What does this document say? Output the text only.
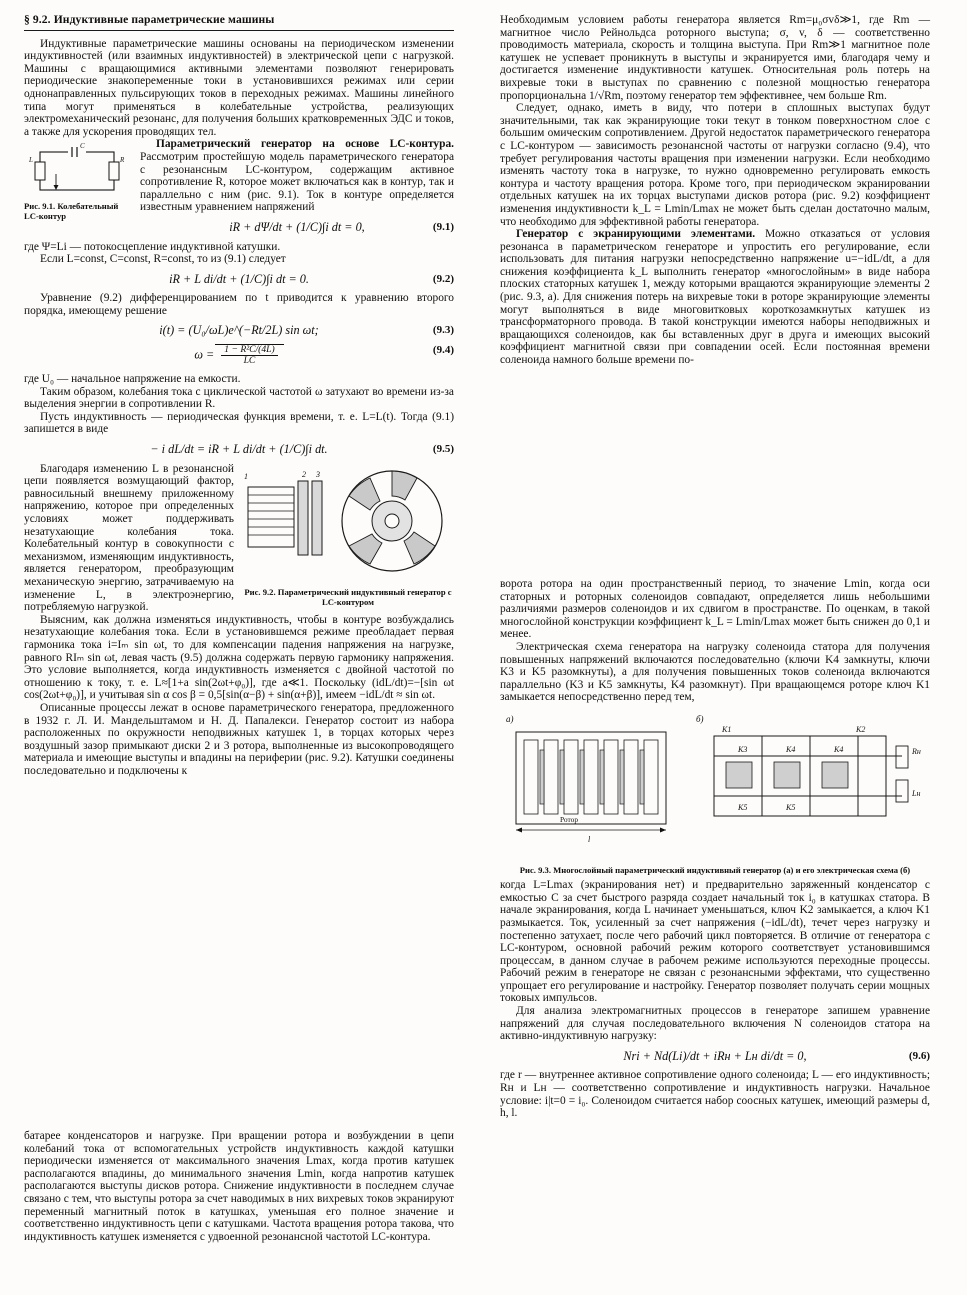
§ 9.2. Индуктивные параметрические машины

Индуктивные параметрические машины основаны на периодическом изменении индуктивностей (или взаимных индуктивностей) в электрической цепи с нагрузкой. Машины с вращающимися активными элементами позволяют генерировать периодические знакопеременные токи в установившихся режимах или серии однонаправленных пульсирующих токов в переходных режимах. Машины линейного типа могут применяться в колебательные устройства, реализующих электромеханический резонанс, для получения больших кратковременных ЭДС и токов, а также для ускорения проводящих тел.

C
L	R
Рис. 9.1. Колебательный LC-контур

Параметрический генератор на основе LC-контура. Рассмотрим простейшую модель параметрического генератора с резонансным LC-контуром, содержащим активное сопротивление R, которое может включаться как в контур, так и параллельно с ним (рис. 9.1). Ток в контуре определяется известным уравнением напряжений

iR + dΨ/dt + (1/C)∫i dt = 0,	(9.1)

где Ψ=Li — потокосцепление индуктивной катушки.

Если L=const, C=const, R=const, то из (9.1) следует

iR + L di/dt + (1/C)∫i dt = 0.	(9.2)

Уравнение (9.2) дифференцированием по t приводится к уравнению второго порядка, имеющему решение

i(t) = (U₀/ωL)e^(−Rt/2L) sin ωt;	(9.3)
$\omega = \frac{\text{1 − R²C/(4L)}}{LC}$	(9.4)

где U₀ — начальное напряжение на емкости.

Таким образом, колебания тока с циклической частотой ω затухают во времени из-за выделения энергии в сопротивлении R.

Пусть индуктивность — периодическая функция времени, т. е. L=L(t). Тогда (9.1) запишется в виде

− i dL/dt = iR + L di/dt + (1/C)∫i dt.	(9.5)
1	2 3
Рис. 9.2. Параметрический индуктивный генератор с LC-контуром

Благодаря изменению L в резонансной цепи появляется возмущающий фактор, равносильный внешнему приложенному напряжению, которое при определенных условиях может поддерживать незатухающие колебания тока. Колебательный контур в совокупности с механизмом, изменяющим индуктивность, является генератором, преобразующим механическую энергию, затрачиваемую на изменение L, в электроэнергию, потребляемую нагрузкой.

Выясним, как должна изменяться индуктивность, чтобы в контуре возбуждались незатухающие колебания тока. Если в установившемся режиме преобладает первая гармоника тока i=Iₘ sin ωt, то для компенсации падения напряжения на нагрузке, равного RIₘ sin ωt, левая часть (9.5) должна содержать первую гармонику напряжения. Это условие выполняется, когда индуктивность изменяется с двойной частотой по отношению к току, т. е. L≈[1+a sin(2ωt+φ₀)], где a≪1. Поскольку (idL/dt)=−[sin ωt cos(2ωt+φ₀)], и учитывая sin α cos β = 0,5[sin(α−β) + sin(α+β)], имеем −idL/dt ≈ sin ωt.

Описанные процессы лежат в основе параметрического генератора, предложенного в 1932 г. Л. И. Мандельштамом и Н. Д. Папалекси. Генератор состоит из набора расположенных по окружности неподвижных катушек 1, в торцах которых через воздушный зазор примыкают диски 2 и 3 ротора, выполненные из высокопроводящего материала и имеющие выступы и впадины на периферии (рис. 9.2). Катушки соединены последовательно и подключены к

Необходимым условием работы генератора является Rm=μ₀σvδ≫1, где Rm — магнитное число Рейнольдса роторного выступа; σ, v, δ — соответственно проводимость материала, скорость и толщина выступа. При Rm≫1 магнитное поле катушек не успевает проникнуть в выступы и экранируется ими, благодаря чему и достигается изменение индуктивности катушек. Относительная роль потерь на вихревые токи в выступах по сравнению с полезной мощностью генератора пропорциональна 1/√Rm, поэтому генератор тем эффективнее, чем больше Rm.

Следует, однако, иметь в виду, что потери в сплошных выступах будут значительными, так как экранирующие токи текут в тонком поверхностном слое с большим омическим сопротивлением. Другой недостаток параметрического генератора с LC-контуром — зависимость резонансной частоты от нагрузки согласно (9.4), что требует регулирования частоты вращения при изменении нагрузки. Если необходимо изменять частоту тока в нагрузке, то нужно одновременно регулировать емкость контура и частоту вращения ротора. Кроме того, при периодическом экранировании отдельных катушек на их торцах выступами дисков ротора (рис. 9.2) коэффициент изменения индуктивности k_L = Lmin/Lmax не может быть сделан достаточно малым, что необходимо для эффективной работы генератора.

Генератор с экранирующими элементами. Можно отказаться от условия резонанса в параметрическом генераторе и упростить его регулирование, если использовать для питания нагрузки непосредственно напряжение u=−idL/dt, а для снижения коэффициента k_L выполнить генератор «многослойным» в виде набора плоских статорных катушек 1, между которыми вращаются экранирующие элементы 2 (рис. 9.3, а). Для снижения потерь на вихревые токи в роторе экранирующие элементы могут выполняться в виде многовитковых короткозамкнутых катушек из трансформаторного провода. В такой конструкции имеются наборы неподвижных и вращающихся соленоидов, как бы вставленных друг в друга и имеющих высокий коэффициент магнитной связи при совпадении осей. Если постоянная времени соленоида намного больше времени по-

ворота ротора на один пространственный период, то значение Lmin, когда оси статорных и роторных соленоидов совпадают, определяется лишь небольшими различиями размеров соленоидов и их сдвигом в пространстве. По оценкам, в такой многослойной конструкции коэффициент k_L = Lmin/Lmax может быть снижен до 0,1 и менее.

Электрическая схема генератора на нагрузку соленоида статора для получения повышенных напряжений включаются последовательно (ключи K4 замкнуты, ключи K3 и K5 разомкнуты), а для получения повышенных токов соленоида включаются параллельно (K3 и K5 замкнуты, K4 разомкнут). При вращающемся роторе ключ K1 замыкается непосредственно перед тем,

а)
l
Ротор
б)
Rн
Lн
К1	К2
К3	К4	К4
К5	К5
Рис. 9.3. Многослойный параметрический индуктивный генератор (а) и его электрическая схема (б)

когда L=Lmax (экранирования нет) и предварительно заряженный конденсатор с емкостью C за счет быстрого разряда создает начальный ток i₀ в катушках статора. В начале экранирования, когда L начинает уменьшаться, ключ K2 замыкается, а ключ K1 размыкается. Ток, усиленный за счет напряжения (−idL/dt), течет через нагрузку и постепенно затухает, после чего рабочий цикл повторяется. В отличие от генератора с LC-контуром, основной рабочий режим которого соответствует установившимся процессам, в данном случае в рабочем режиме используются переходные процессы. Рабочий режим в генераторе не связан с резонансными эффектами, что существенно упрощает его регулирование и настройку. Генератор позволяет получать серии мощных токовых импульсов.

Для анализа электромагнитных процессов в генераторе запишем уравнение напряжений для случая последовательного включения N соленоидов статора на активно-индуктивную нагрузку:

Nri + Nd(Li)/dt + iRн + Lн di/dt = 0,	(9.6)

где r — внутреннее активное сопротивление одного соленоида; L — его индуктивность; Rн и Lн — соответственно сопротивление и индуктивность нагрузки. Начальное условие: i|t=0 = i₀. Соленоидом считается набор соосных катушек, имеющий размеры d, h, l.

батарее конденсаторов и нагрузке. При вращении ротора и возбуждении в цепи колебаний тока от вспомогательных устройств индуктивность каждой катушки периодически изменяется от максимального значения Lmax, когда против катушек располагаются впадины, до минимального значения Lmin, когда напротив катушек располагаются выступы дисков ротора. Снижение индуктивности в последнем случае связано с тем, что выступы ротора за счет наводимых в них вихревых токов экранируют переменный магнитный поток в катушках, уменьшая его полное значение и соответственно индуктивность цепи с катушками. Частота вращения ротора такова, что индуктивность катушек изменяется с удвоенной резонансной частотой LC-контура.
